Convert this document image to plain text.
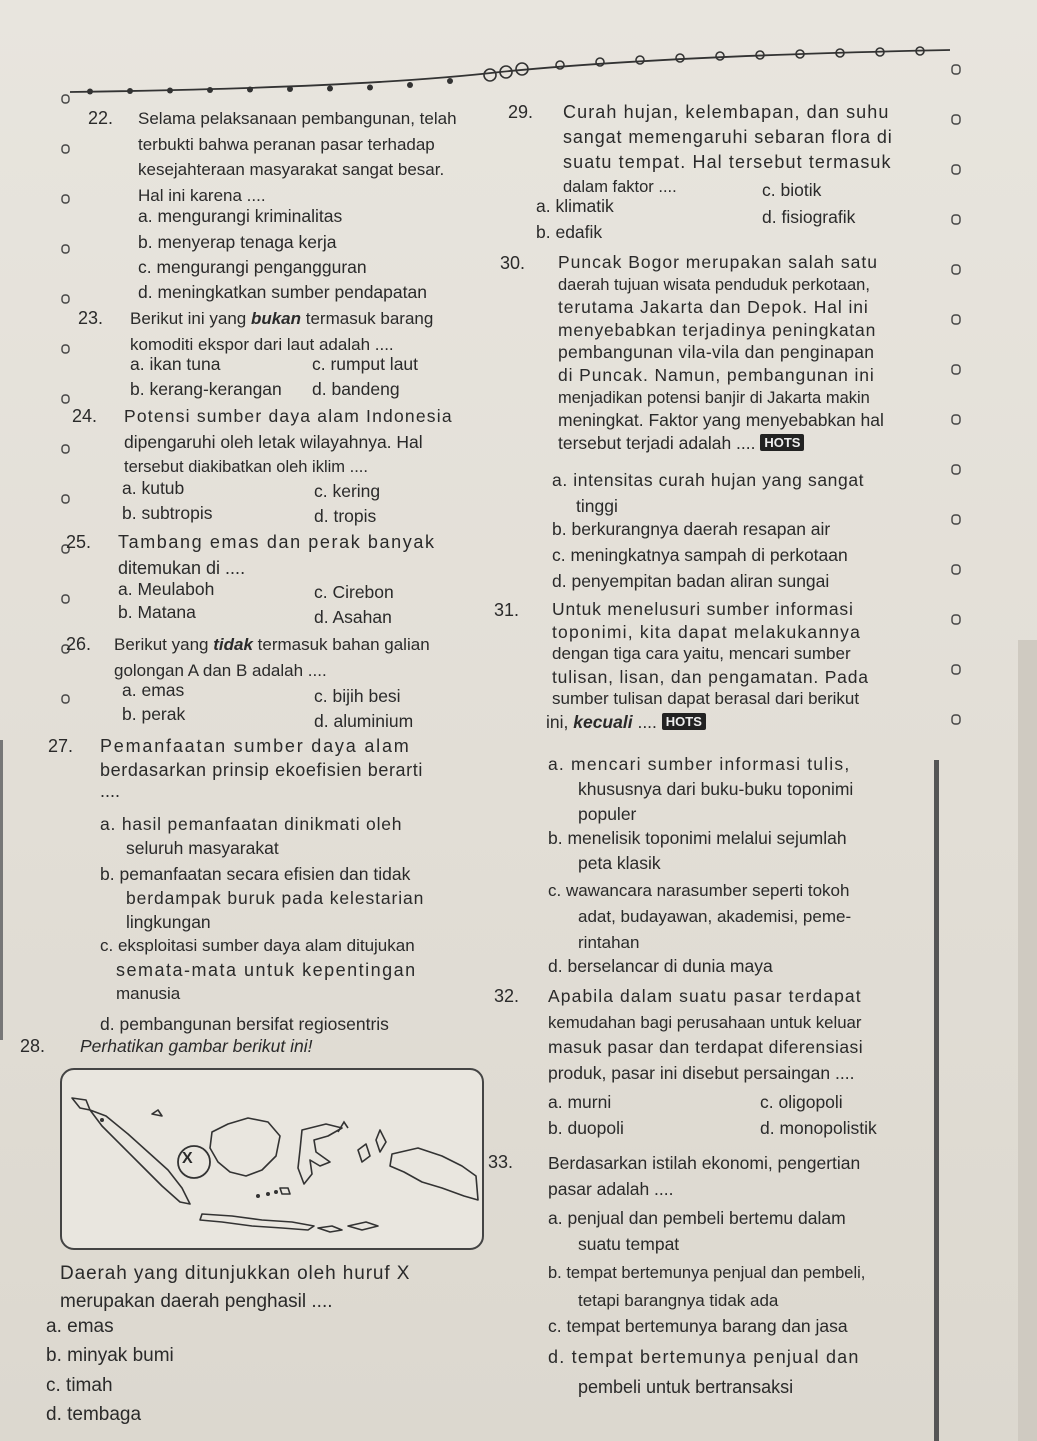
22. Selama pelaksanaan pembangunan, telah
terbukti bahwa peranan pasar terhadap
kesejahteraan masyarakat sangat besar.
Hal ini karena ....
a. mengurangi kriminalitas
b. menyerap tenaga kerja
c. mengurangi pengangguran
d. meningkatkan sumber pendapatan
23. Berikut ini yang bukan termasuk barang
komoditi ekspor dari laut adalah ....
a. ikan tuna	c. rumput laut
b. kerang-kerangan d. bandeng
24. Potensi sumber daya alam Indonesia
dipengaruhi oleh letak wilayahnya. Hal
tersebut diakibatkan oleh iklim ....
a. kutub	c. kering
b. subtropis	d. tropis
25. Tambang emas dan perak banyak
ditemukan di ....
a. Meulaboh	c. Cirebon
b. Matana	d. Asahan
26. Berikut yang tidak termasuk bahan galian
golongan A dan B adalah ....
a. emas	c. bijih besi
b. perak	d. aluminium
27. Pemanfaatan sumber daya alam
berdasarkan prinsip ekoefisien berarti
....
a. hasil pemanfaatan dinikmati oleh
seluruh masyarakat
b. pemanfaatan secara efisien dan tidak
berdampak buruk pada kelestarian
lingkungan
c. eksploitasi sumber daya alam ditujukan
semata-mata untuk kepentingan
manusia
d. pembangunan bersifat regiosentris
28. Perhatikan gambar berikut ini!
X
Daerah yang ditunjukkan oleh huruf X
merupakan daerah penghasil ....
a. emas
b. minyak bumi
c. timah
d. tembaga
29. Curah hujan, kelembapan, dan suhu
sangat memengaruhi sebaran flora di
suatu tempat. Hal tersebut termasuk
dalam faktor ....	c. biotik
a. klimatik
d. fisiografik
b. edafik
30. Puncak Bogor merupakan salah satu
daerah tujuan wisata penduduk perkotaan,
terutama Jakarta dan Depok. Hal ini
menyebabkan terjadinya peningkatan
pembangunan vila-vila dan penginapan
di Puncak. Namun, pembangunan ini
menjadikan potensi banjir di Jakarta makin
meningkat. Faktor yang menyebabkan hal
tersebut terjadi adalah .... HOTS
a. intensitas curah hujan yang sangat
tinggi
b. berkurangnya daerah resapan air
c. meningkatnya sampah di perkotaan
d. penyempitan badan aliran sungai
31. Untuk menelusuri sumber informasi
toponimi, kita dapat melakukannya
dengan tiga cara yaitu, mencari sumber
tulisan, lisan, dan pengamatan. Pada
sumber tulisan dapat berasal dari berikut
ini, kecuali .... HOTS
a. mencari sumber informasi tulis,
khususnya dari buku-buku toponimi
populer
b. menelisik toponimi melalui sejumlah
peta klasik
c. wawancara narasumber seperti tokoh
adat, budayawan, akademisi, peme-
rintahan
d. berselancar di dunia maya
32. Apabila dalam suatu pasar terdapat
kemudahan bagi perusahaan untuk keluar
masuk pasar dan terdapat diferensiasi
produk, pasar ini disebut persaingan ....
a. murni	c. oligopoli
b. duopoli	d. monopolistik
33. Berdasarkan istilah ekonomi, pengertian
pasar adalah ....
a. penjual dan pembeli bertemu dalam
suatu tempat
b. tempat bertemunya penjual dan pembeli,
tetapi barangnya tidak ada
c. tempat bertemunya barang dan jasa
d. tempat bertemunya penjual dan
pembeli untuk bertransaksi
